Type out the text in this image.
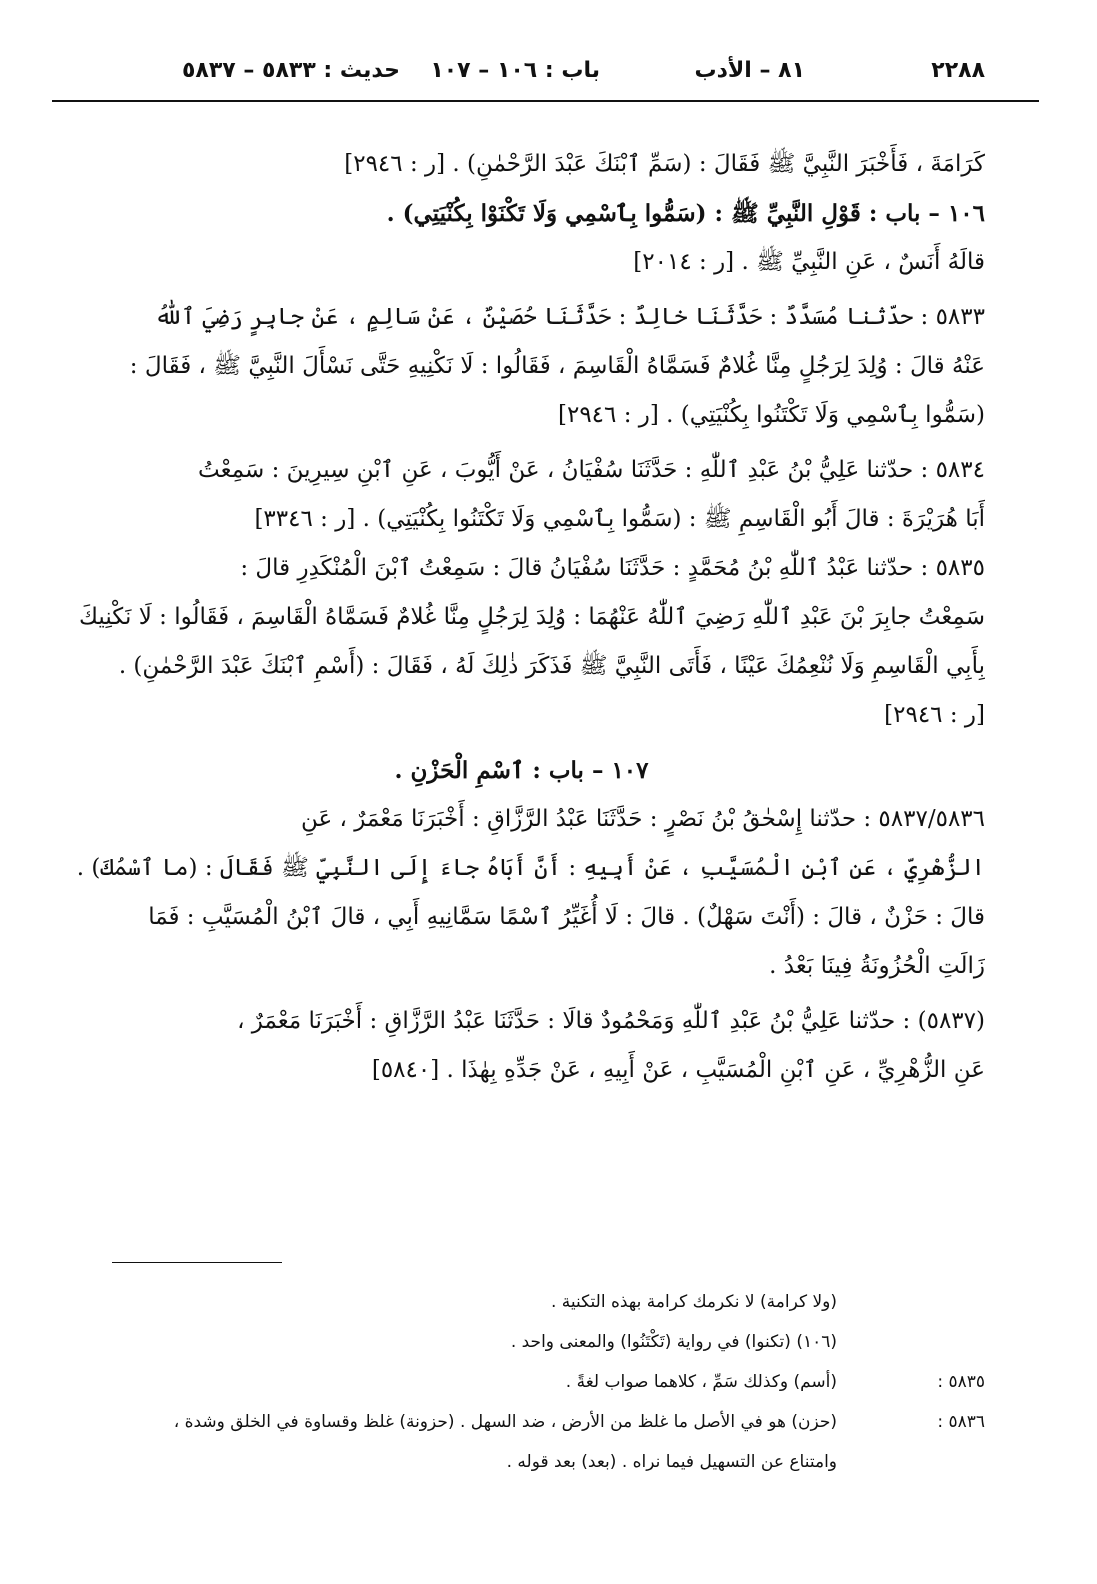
٢٢٨٨
٨١ – الأدب
باب : ١٠٦ – ١٠٧
حديث : ٥٨٣٣ – ٥٨٣٧
كَرَامَةَ ، فَأَخْبَرَ النَّبِيَّ ﷺ فَقَالَ : (سَمِّ ٱبْنَكَ عَبْدَ الرَّحْمٰنِ) . [ر : ٢٩٤٦]
١٠٦ – باب : قَوْلِ النَّبِيِّ ﷺ : (سَمُّوا بِٱسْمِي وَلَا تَكْنَوْا بِكُنْيَتِي) .
قالَهُ أَنَسٌ ، عَنِ النَّبِيِّ ﷺ . [ر : ٢٠١٤]
٥٨٣٣ : حدّثنا مُسَدَّدٌ : حَدَّثَنَا خالِدٌ : حَدَّثَنَا حُصَيْنٌ ، عَنْ سَالِمٍ ، عَنْ جابِرٍ رَضِيَ ٱللّٰهُ
عَنْهُ قالَ : وُلِدَ لِرَجُلٍ مِنَّا غُلامٌ فَسَمَّاهُ الْقَاسِمَ ، فَقَالُوا : لَا نَكْنِيهِ حَتَّى نَسْأَلَ النَّبِيَّ ﷺ ، فَقَالَ :
(سَمُّوا بِٱسْمِي وَلَا تَكْتَنُوا بِكُنْيَتِي) . [ر : ٢٩٤٦]
٥٨٣٤ : حدّثنا عَلِيُّ بْنُ عَبْدِ ٱللّٰهِ : حَدَّثَنَا سُفْيَانُ ، عَنْ أَيُّوبَ ، عَنِ ٱبْنِ سِيرِينَ : سَمِعْتُ
أَبَا هُرَيْرَةَ : قالَ أَبُو الْقَاسِمِ ﷺ : (سَمُّوا بِٱسْمِي وَلَا تَكْتَنُوا بِكُنْيَتِي) . [ر : ٣٣٤٦]
٥٨٣٥ : حدّثنا عَبْدُ ٱللّٰهِ بْنُ مُحَمَّدٍ : حَدَّثَنَا سُفْيَانُ قالَ : سَمِعْتُ ٱبْنَ الْمُنْكَدِرِ قالَ :
سَمِعْتُ جابِرَ بْنَ عَبْدِ ٱللّٰهِ رَضِيَ ٱللّٰهُ عَنْهُمَا : وُلِدَ لِرَجُلٍ مِنَّا غُلامٌ فَسَمَّاهُ الْقَاسِمَ ، فَقَالُوا : لَا نَكْنِيكَ
بِأَبِي الْقَاسِمِ وَلَا نُنْعِمُكَ عَيْنًا ، فَأَتَى النَّبِيَّ ﷺ فَذَكَرَ ذٰلِكَ لَهُ ، فَقَالَ : (أَسْمِ ٱبْنَكَ عَبْدَ الرَّحْمٰنِ) .
[ر : ٢٩٤٦]
١٠٧ – باب : ٱسْمِ الْحَزْنِ .
٥٨٣٧/٥٨٣٦ : حدّثنا إِسْحٰقُ بْنُ نَصْرٍ : حَدَّثَنَا عَبْدُ الرَّزَّاقِ : أَخْبَرَنَا مَعْمَرٌ ، عَنِ
الزُّهْرِيِّ ، عَنِ ٱبْنِ الْمُسَيَّبِ ، عَنْ أَبِيهِ : أَنَّ أَبَاهُ جاءَ إِلَى النَّبِيِّ ﷺ فَقَالَ : (ما ٱسْمُكَ) .
قالَ : حَزْنٌ ، قالَ : (أَنْتَ سَهْلٌ) . قالَ : لَا أُغَيِّرُ ٱسْمًا سَمَّانِيهِ أَبِي ، قالَ ٱبْنُ الْمُسَيَّبِ : فَمَا
زَالَتِ الْحُزُونَةُ فِينَا بَعْدُ .
(٥٨٣٧) : حدّثنا عَلِيُّ بْنُ عَبْدِ ٱللّٰهِ وَمَحْمُودٌ قالَا : حَدَّثَنَا عَبْدُ الرَّزَّاقِ : أَخْبَرَنَا مَعْمَرٌ ،
عَنِ الزُّهْرِيِّ ، عَنِ ٱبْنِ الْمُسَيَّبِ ، عَنْ أَبِيهِ ، عَنْ جَدِّهِ بِهٰذَا . [٥٨٤٠]
(ولا كرامة) لا نكرمك كرامة بهذه التكنية .
(١٠٦) (تكنوا) في رواية (تَكْتَنُوا) والمعنى واحد .
٥٨٣٥ :(أسم) وكذلك سَمِّ ، كلاهما صواب لغةً .
٥٨٣٦ :(حزن) هو في الأصل ما غلظ من الأرض ، ضد السهل . (حزونة) غلظ وقساوة في الخلق وشدة ،
وامتناع عن التسهيل فيما نراه . (بعد) بعد قوله .
